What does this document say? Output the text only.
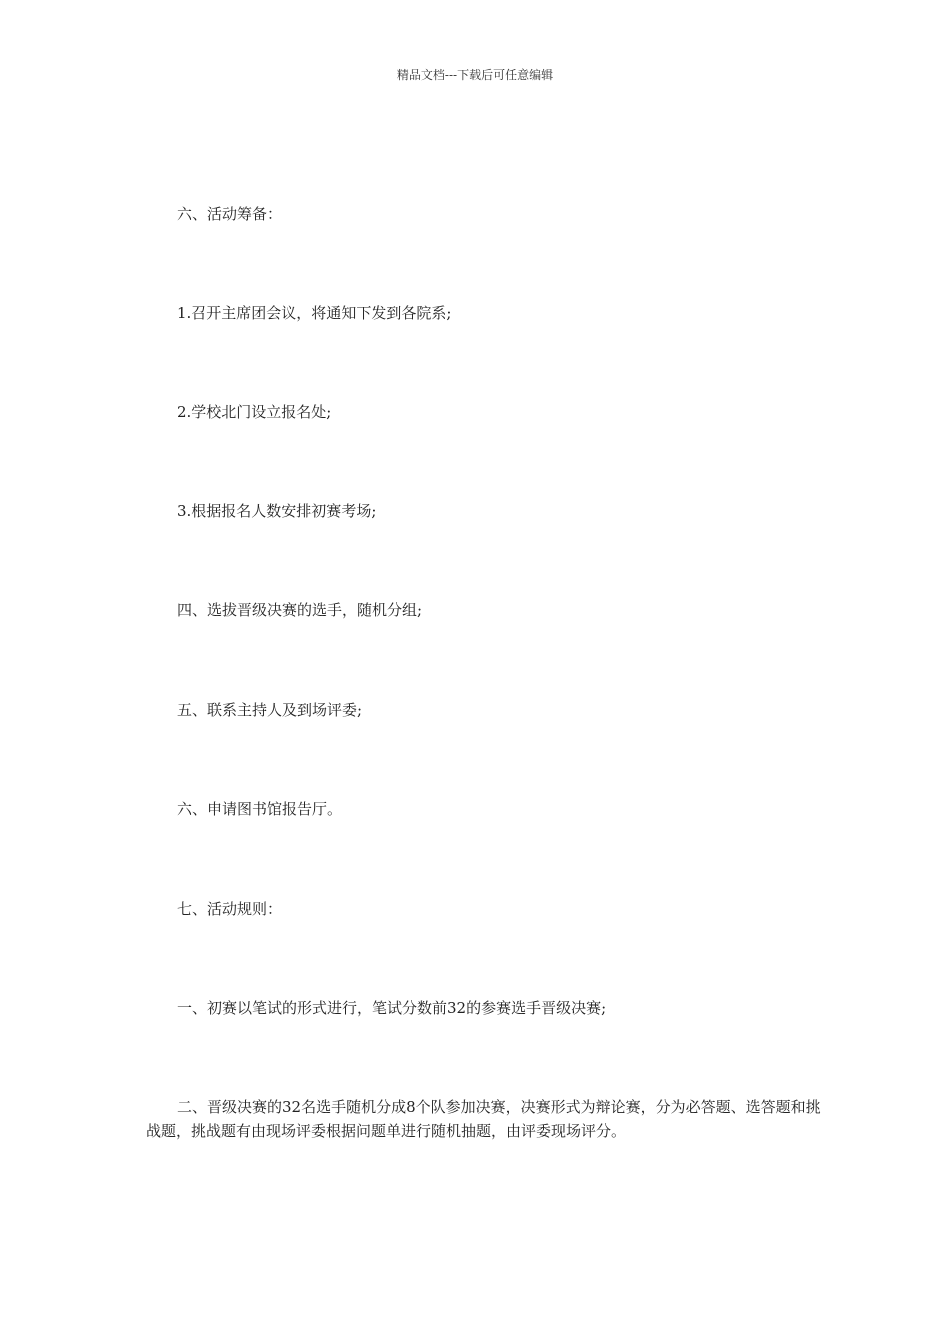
精品文档---下载后可任意编辑

六、活动筹备：

1.召开主席团会议，将通知下发到各院系;

2.学校北门设立报名处;

3.根据报名人数安排初赛考场;

四、选拔晋级决赛的选手，随机分组;

五、联系主持人及到场评委;

六、申请图书馆报告厅。

七、活动规则：

一、初赛以笔试的形式进行，笔试分数前32的参赛选手晋级决赛;

二、晋级决赛的32名选手随机分成8个队参加决赛，决赛形式为辩论赛，分为必答题、选答题和挑战题，挑战题有由现场评委根据问题单进行随机抽题，由评委现场评分。
